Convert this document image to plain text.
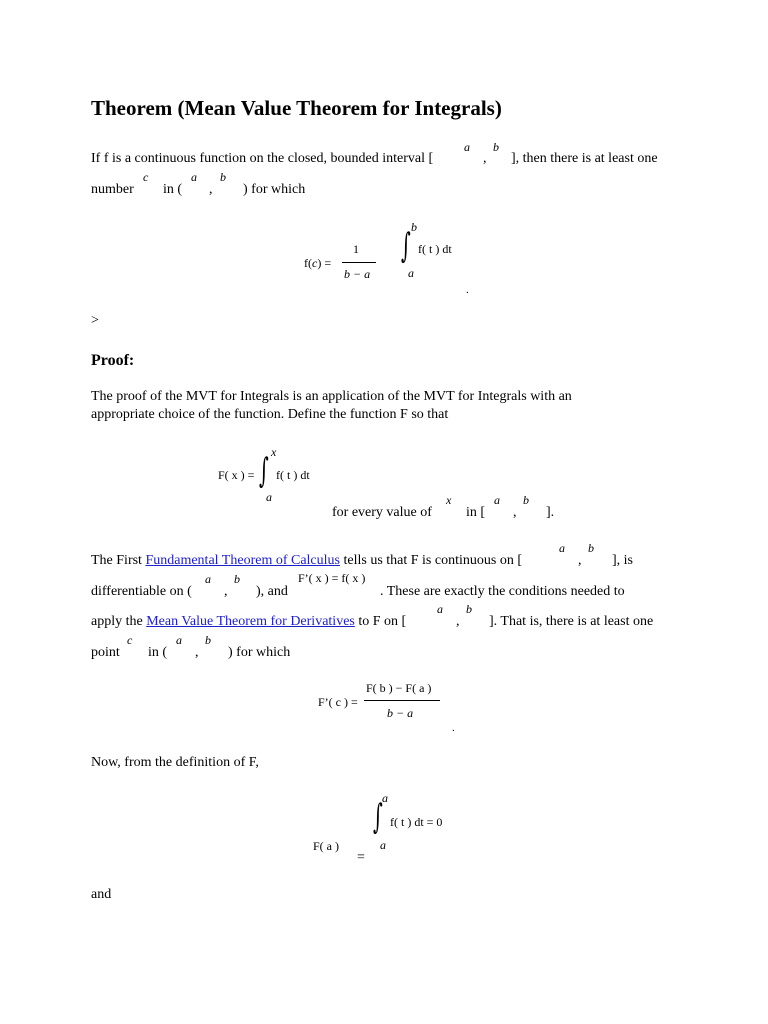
Theorem (Mean Value Theorem for Integrals)
If f is a continuous function on the closed, bounded interval [
a
,
b
], then there is at least one
number
c
in (
a
,
b
) for which
f(c) =
1
b − a
b
∫ f( t ) dt
a
.
>
Proof:
The proof of the MVT for Integrals is an application of the MVT for Integrals with an
appropriate choice of the function. Define the function F so that
F( x ) =
x
∫ f( t ) dt
a
for every value of
x
in [
a
,
b
].
The First Fundamental Theorem of Calculus tells us that F is continuous on [
a
,
b
], is
differentiable on (
a
,
b
), and
F’( x ) = f( x )
. These are exactly the conditions needed to
apply the Mean Value Theorem for Derivatives to F on [
a
,
b
]. That is, there is at least one
point
c
in (
a
,
b
) for which
F’( c ) =
F( b ) − F( a )
b − a
.
Now, from the definition of F,
a
∫ f( t ) dt = 0
a
F( a )
=
and
